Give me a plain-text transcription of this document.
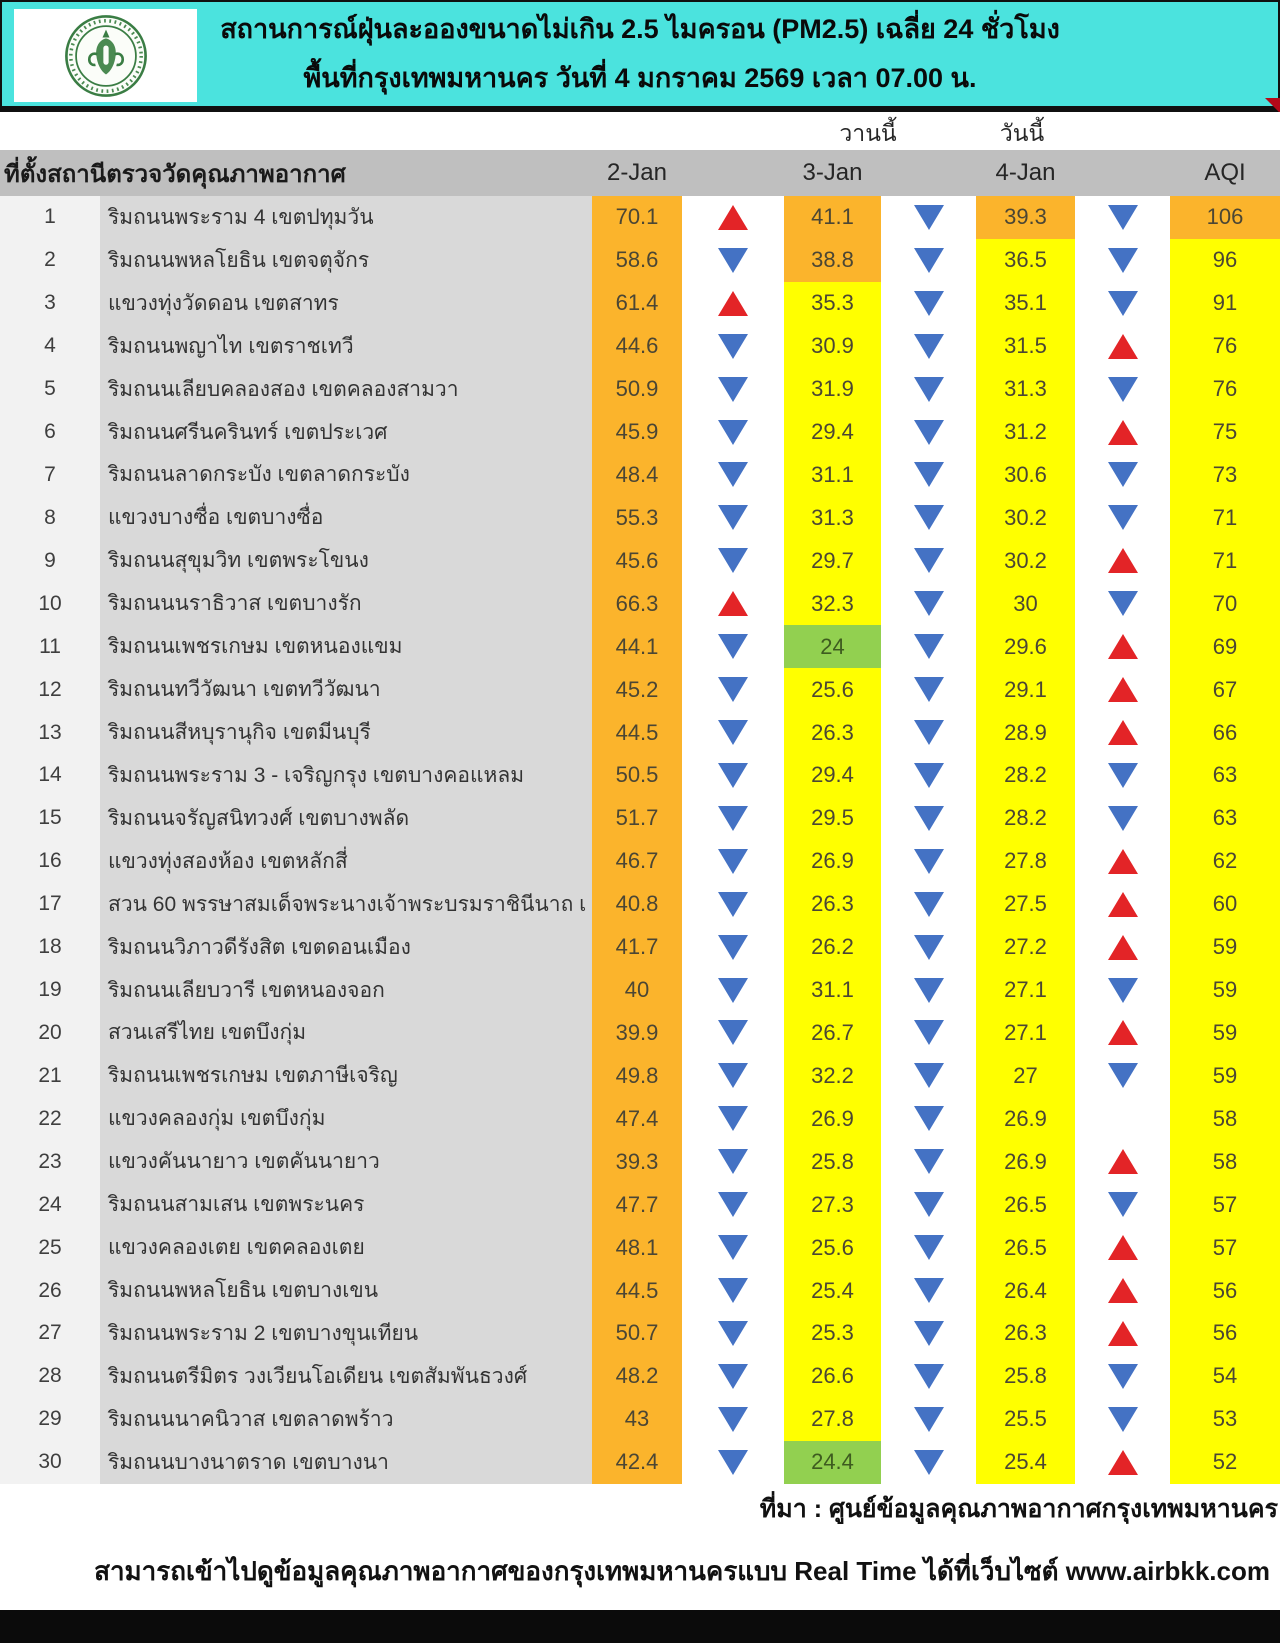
สถานการณ์ฝุ่นละอองขนาดไม่เกิน 2.5 ไมครอน (PM2.5) เฉลี่ย 24 ชั่วโมง
พื้นที่กรุงเทพมหานคร วันที่ 4 มกราคม 2569 เวลา 07.00 น.
วานนี้	วันนี้
ที่ตั้งสถานีตรวจวัดคุณภาพอากาศ	2-Jan	3-Jan	4-Jan	AQI
1	ริมถนนพระราม 4 เขตปทุมวัน	70.1	41.1	39.3	106
2	ริมถนนพหลโยธิน เขตจตุจักร	58.6	38.8	36.5	96
3	แขวงทุ่งวัดดอน เขตสาทร	61.4	35.3	35.1	91
4	ริมถนนพญาไท เขตราชเทวี	44.6	30.9	31.5	76
5	ริมถนนเลียบคลองสอง เขตคลองสามวา	50.9	31.9	31.3	76
6	ริมถนนศรีนครินทร์ เขตประเวศ	45.9	29.4	31.2	75
7	ริมถนนลาดกระบัง เขตลาดกระบัง	48.4	31.1	30.6	73
8	แขวงบางซื่อ เขตบางซื่อ	55.3	31.3	30.2	71
9	ริมถนนสุขุมวิท เขตพระโขนง	45.6	29.7	30.2	71
10	ริมถนนนราธิวาส เขตบางรัก	66.3	32.3	30	70
11	ริมถนนเพชรเกษม เขตหนองแขม	44.1	24	29.6	69
12	ริมถนนทวีวัฒนา เขตทวีวัฒนา	45.2	25.6	29.1	67
13	ริมถนนสีหบุรานุกิจ เขตมีนบุรี	44.5	26.3	28.9	66
14	ริมถนนพระราม 3 - เจริญกรุง เขตบางคอแหลม	50.5	29.4	28.2	63
15	ริมถนนจรัญสนิทวงศ์ เขตบางพลัด	51.7	29.5	28.2	63
16	แขวงทุ่งสองห้อง เขตหลักสี่	46.7	26.9	27.8	62
17	สวน 60 พรรษาสมเด็จพระนางเจ้าพระบรมราชินีนาถ เ	40.8	26.3	27.5	60
18	ริมถนนวิภาวดีรังสิต เขตดอนเมือง	41.7	26.2	27.2	59
19	ริมถนนเลียบวารี เขตหนองจอก	40	31.1	27.1	59
20	สวนเสรีไทย เขตบึงกุ่ม	39.9	26.7	27.1	59
21	ริมถนนเพชรเกษม เขตภาษีเจริญ	49.8	32.2	27	59
22	แขวงคลองกุ่ม เขตบึงกุ่ม	47.4	26.9	26.9	58
23	แขวงคันนายาว เขตคันนายาว	39.3	25.8	26.9	58
24	ริมถนนสามเสน เขตพระนคร	47.7	27.3	26.5	57
25	แขวงคลองเตย เขตคลองเตย	48.1	25.6	26.5	57
26	ริมถนนพหลโยธิน เขตบางเขน	44.5	25.4	26.4	56
27	ริมถนนพระราม 2 เขตบางขุนเทียน	50.7	25.3	26.3	56
28	ริมถนนตรีมิตร วงเวียนโอเดียน เขตสัมพันธวงศ์	48.2	26.6	25.8	54
29	ริมถนนนาคนิวาส เขตลาดพร้าว	43	27.8	25.5	53
30	ริมถนนบางนาตราด เขตบางนา	42.4	24.4	25.4	52
ที่มา : ศูนย์ข้อมูลคุณภาพอากาศกรุงเทพมหานคร
สามารถเข้าไปดูข้อมูลคุณภาพอากาศของกรุงเทพมหานครแบบ Real Time ได้ที่เว็บไซต์ www.airbkk.com
